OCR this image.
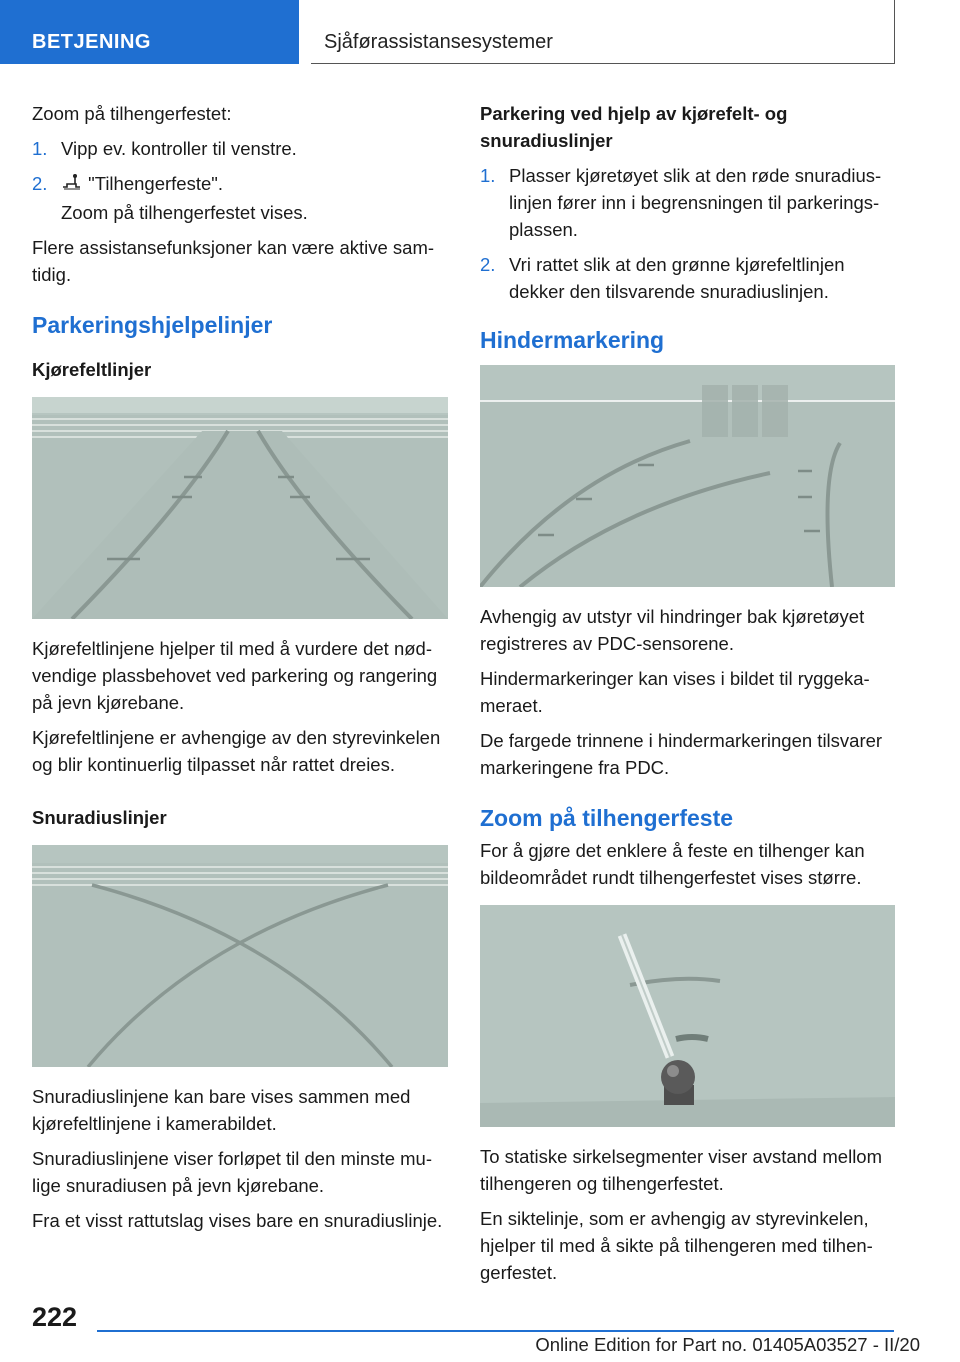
BETJENING	Sjåførassistansesystemer

Zoom på tilhengerfestet:

1. Vipp ev. kontroller til venstre.
2. "Tilhengerfeste".

Zoom på tilhengerfestet vises.

Flere assistansefunksjoner kan være aktive samtidig.

Parkeringshjelpelinjer
Kjørefeltlinjer

Kjørefeltlinjene hjelper til med å vurdere det nødvendige plassbehovet ved parkering og rangering på jevn kjørebane.

Kjørefeltlinjene er avhengige av den styrevinkelen og blir kontinuerlig tilpasset når rattet dreies.

Snuradiuslinjer

Snuradiuslinjene kan bare vises sammen med kjørefeltlinjene i kamerabildet.

Snuradiuslinjene viser forløpet til den minste mulige snuradiusen på jevn kjørebane.

Fra et visst rattutslag vises bare en snuradiuslinje.

Parkering ved hjelp av kjørefelt- og snuradiuslinjer
1. Plasser kjøretøyet slik at den røde snuradiuslinjen fører inn i begrensningen til parkeringsplassen.
2. Vri rattet slik at den grønne kjørefeltlinjen dekker den tilsvarende snuradiuslinjen.
Hindermarkering

Avhengig av utstyr vil hindringer bak kjøretøyet registreres av PDC-sensorene.

Hindermarkeringer kan vises i bildet til ryggekameraet.

De fargede trinnene i hindermarkeringen tilsvarer markeringene fra PDC.

Zoom på tilhengerfeste

For å gjøre det enklere å feste en tilhenger kan bildeområdet rundt tilhengerfestet vises større.

To statiske sirkelsegmenter viser avstand mellom tilhengeren og tilhengerfestet.

En siktelinje, som er avhengig av styrevinkelen, hjelper til med å sikte på tilhengeren med tilhengerfestet.

222
Online Edition for Part no. 01405A03527 - II/20
